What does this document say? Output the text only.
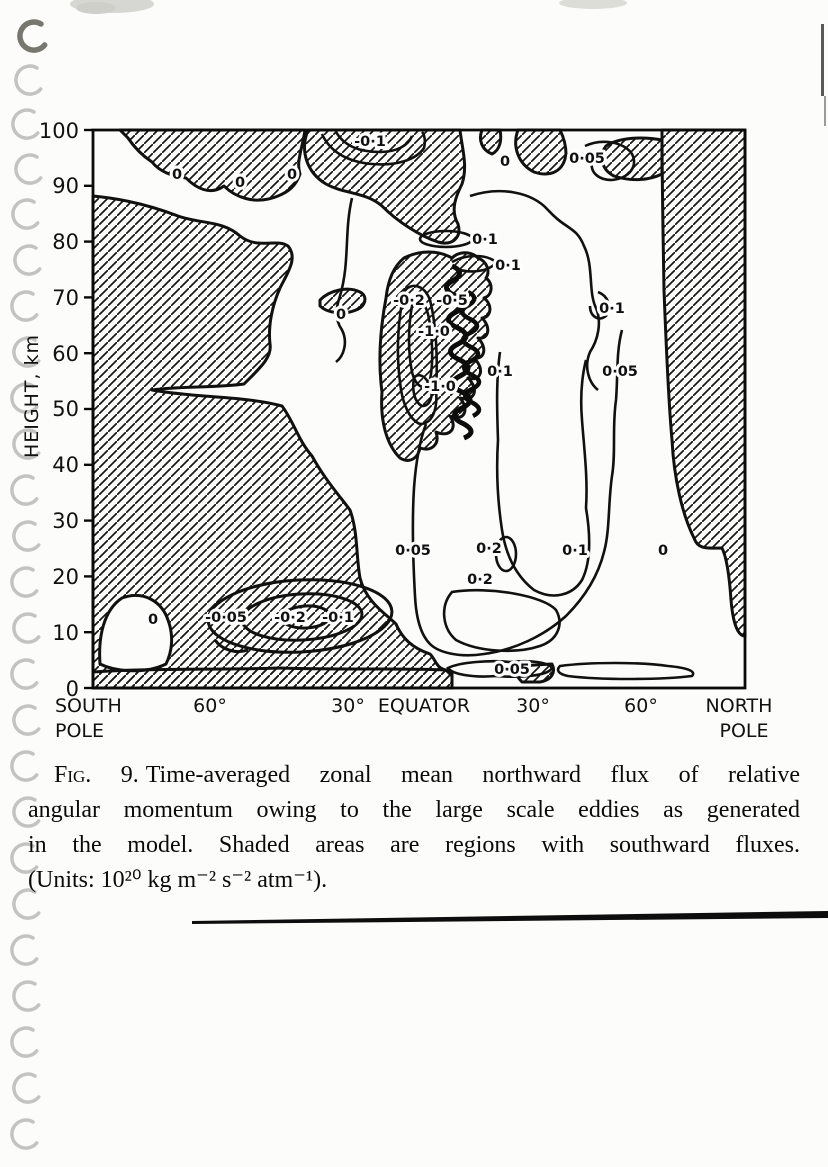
100
90
80
70
60
50
40
30
20
10
0
HEIGHT, km
SOUTH
POLE
60°	30° EQUATOR 30°	60°	NORTH
POLE
-0·1
0	0	0
0	0·05
0·1
0·1
-0·2 -0·5
0	0·1
-1·0
0·1	0·05
-1·0
0·05	0·2	0·1	0
0·2
0	-0·05 -0·2 -0·1
0·05
Fig. 9. Time-averaged zonal mean northward flux of relative
angular momentum owing to the large scale eddies as generated
in the model. Shaded areas are regions with southward fluxes.
(Units: 10²⁰ kg m⁻² s⁻² atm⁻¹).
